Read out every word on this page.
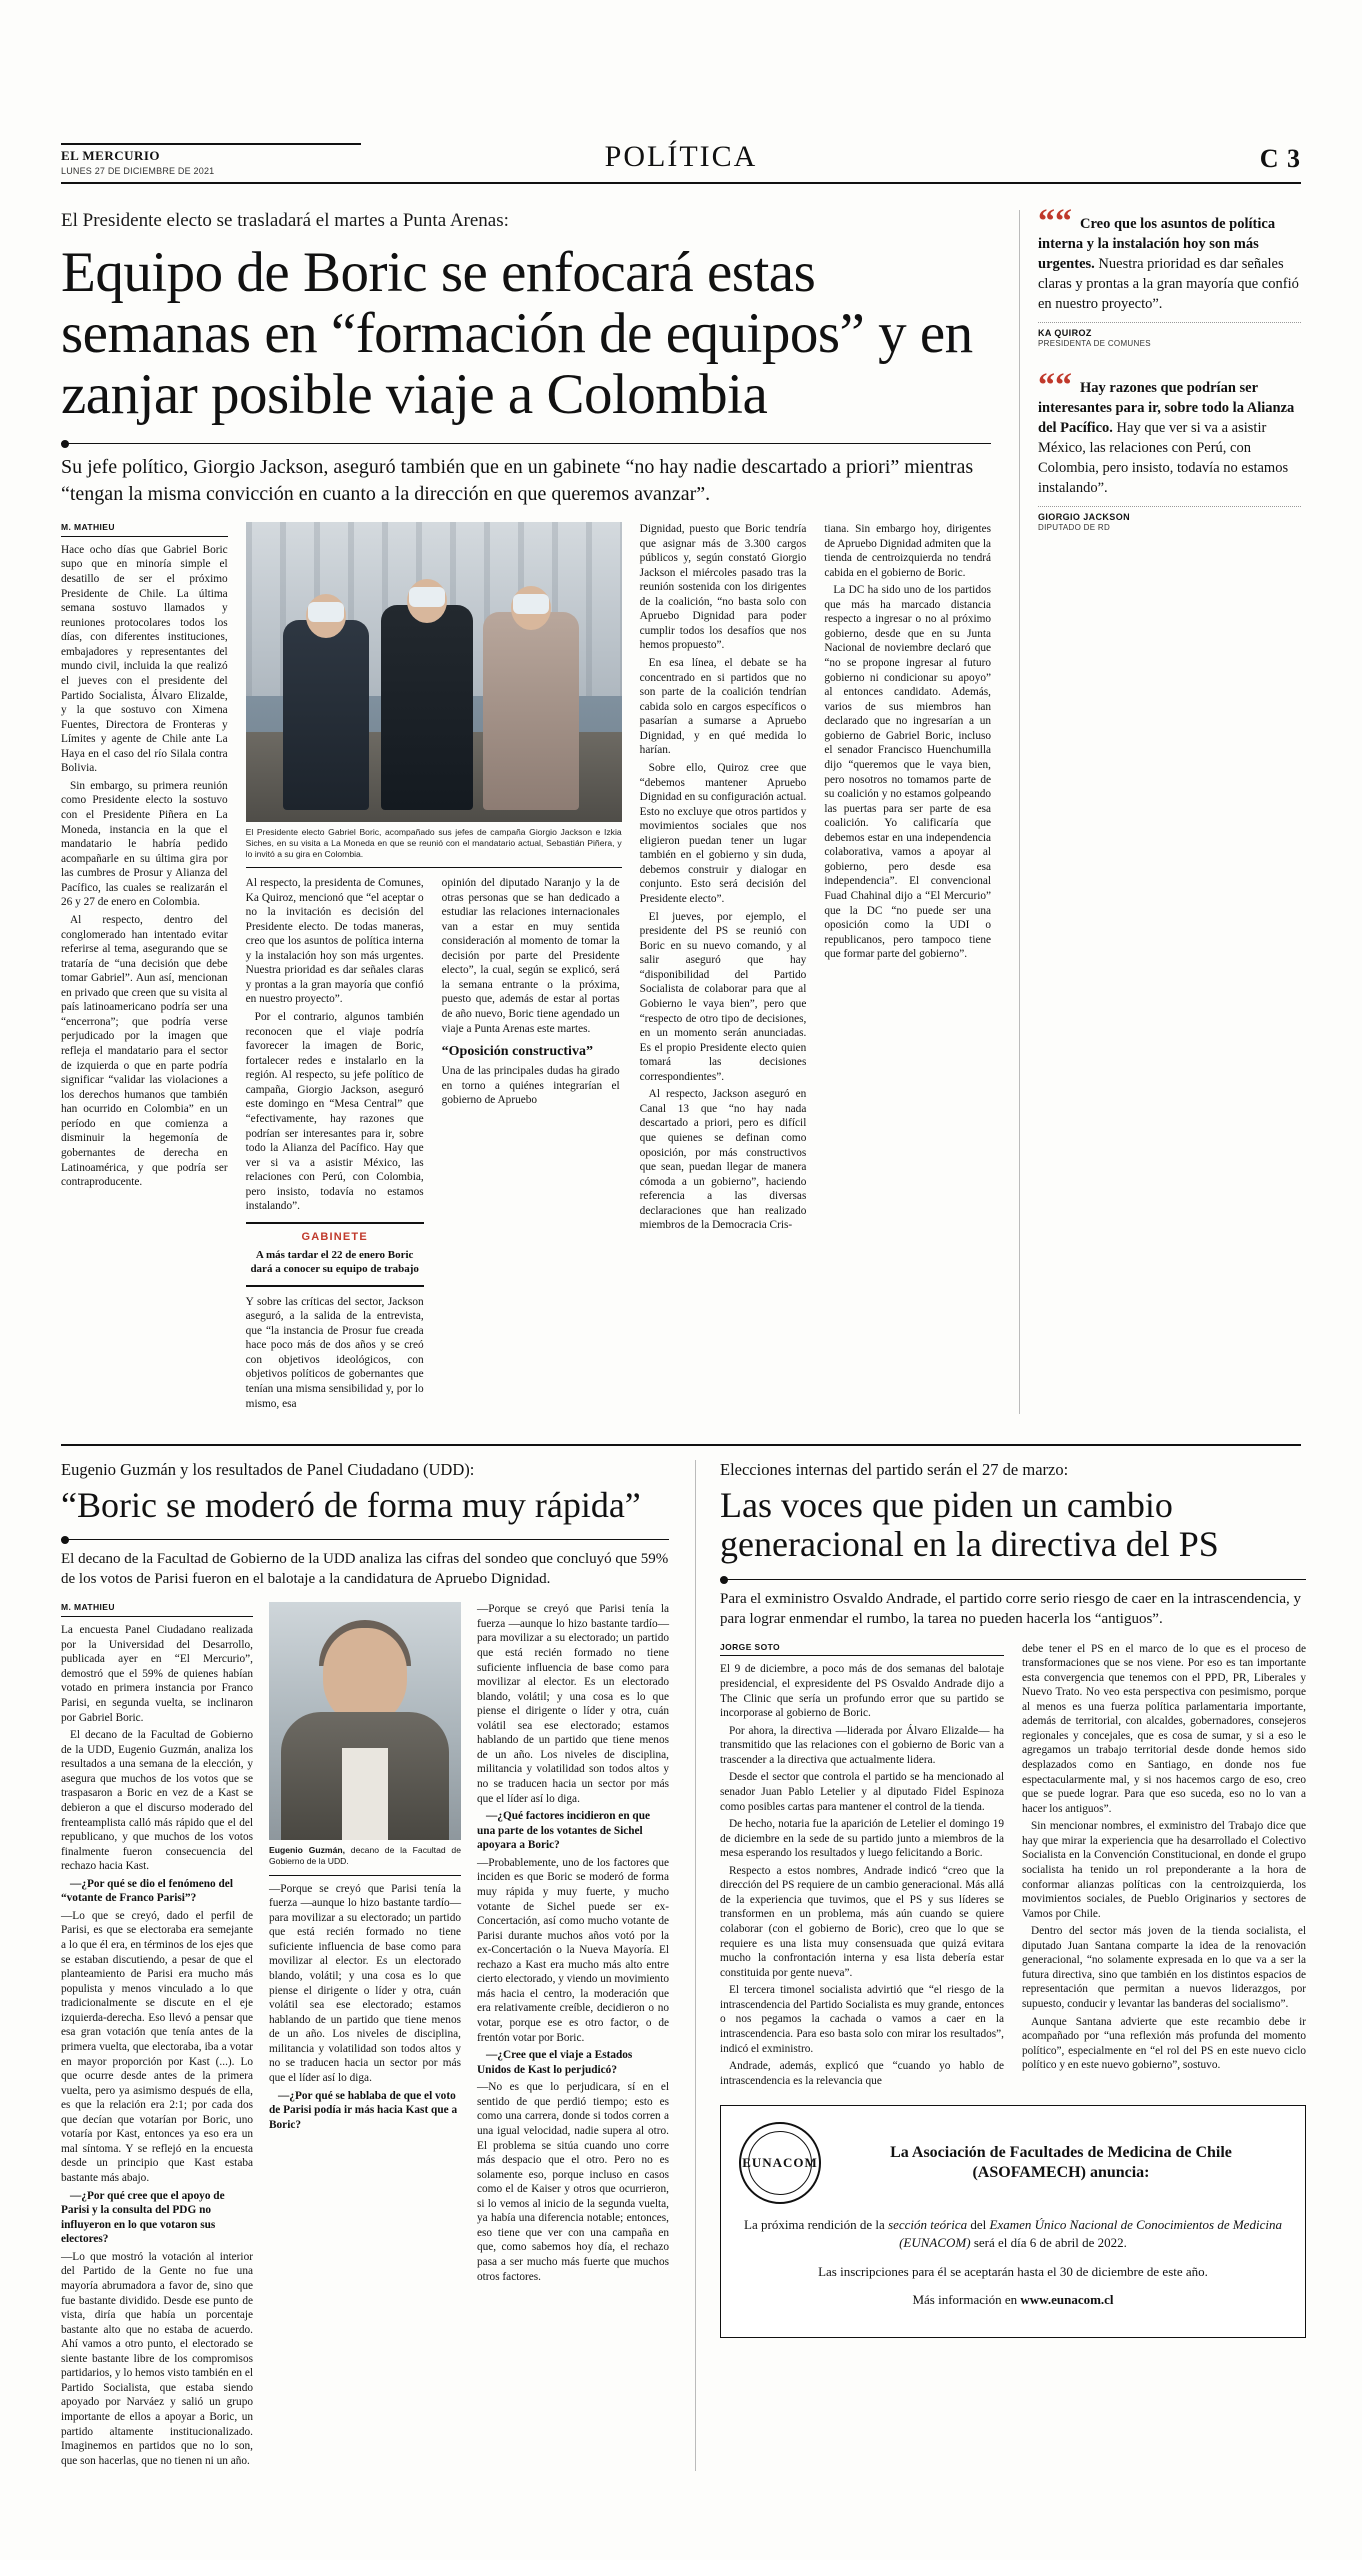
EL MERCURIO
LUNES 27 DE DICIEMBRE DE 2021	POLÍTICA	C 3
El Presidente electo se trasladará el martes a Punta Arenas:
Equipo de Boric se enfocará estas semanas en “formación de equipos” y en zanjar posible viaje a Colombia

Su jefe político, Giorgio Jackson, aseguró también que en un gabinete “no hay nadie descartado a priori” mientras “tengan la misma convicción en cuanto a la dirección en que queremos avanzar”.

M. MATHIEU

Hace ocho días que Gabriel Boric supo que en minoría simple el desatillo de ser el próximo Presidente de Chile. La última semana sostuvo llamados y reuniones protocolares todos los días, con diferentes instituciones, embajadores y representantes del mundo civil, incluida la que realizó el jueves con el presidente del Partido Socialista, Álvaro Elizalde, y la que sostuvo con Ximena Fuentes, Directora de Fronteras y Límites y agente de Chile ante La Haya en el caso del río Silala contra Bolivia.

Sin embargo, su primera reunión como Presidente electo la sostuvo con el Presidente Piñera en La Moneda, instancia en la que el mandatario le habría pedido acompañarle en su última gira por las cumbres de Prosur y Alianza del Pacífico, las cuales se realizarán el 26 y 27 de enero en Colombia.

Al respecto, dentro del conglomerado han intentado evitar referirse al tema, asegurando que se trataría de “una decisión que debe tomar Gabriel”. Aun así, mencionan en privado que creen que su visita al país latinoamericano podría ser una “encerrona”; que podría verse perjudicado por la imagen que refleja el mandatario para el sector de izquierda o que en parte podría significar “validar las violaciones a los derechos humanos que también han ocurrido en Colombia” en un período en que comienza a disminuir la hegemonía de gobernantes de derecha en Latinoamérica, y que podría ser contraproducente.

El Presidente electo Gabriel Boric, acompañado sus jefes de campaña Giorgio Jackson e Izkia Siches, en su visita a La Moneda en que se reunió con el mandatario actual, Sebastián Piñera, y lo invitó a su gira en Colombia.

Al respecto, la presidenta de Comunes, Ka Quiroz, mencionó que “el aceptar o no la invitación es decisión del Presidente electo. De todas maneras, creo que los asuntos de política interna y la instalación hoy son más urgentes. Nuestra prioridad es dar señales claras y prontas a la gran mayoría que confió en nuestro proyecto”.

Por el contrario, algunos también reconocen que el viaje podría favorecer la imagen de Boric, fortalecer redes e instalarlo en la región. Al respecto, su jefe político de campaña, Giorgio Jackson, aseguró este domingo en “Mesa Central” que “efectivamente, hay razones que podrían ser interesantes para ir, sobre todo la Alianza del Pacífico. Hay que ver si va a asistir México, las relaciones con Perú, con Colombia, pero insisto, todavía no estamos instalando”.

GABINETE
A más tardar el 22 de enero Boric dará a conocer su equipo de trabajo

Y sobre las críticas del sector, Jackson aseguró, a la salida de la entrevista, que “la instancia de Prosur fue creada hace poco más de dos años y se creó con objetivos ideológicos, con objetivos políticos de gobernantes que tenían una misma sensibilidad y, por lo mismo, esa

opinión del diputado Naranjo y la de otras personas que se han dedicado a estudiar las relaciones internacionales van a estar en muy sentida consideración al momento de tomar la decisión por parte del Presidente electo”, la cual, según se explicó, será la semana entrante o la próxima, puesto que, además de estar al portas de año nuevo, Boric tiene agendado un viaje a Punta Arenas este martes.

“Oposición constructiva”

Una de las principales dudas ha girado en torno a quiénes integrarían el gobierno de Apruebo

Dignidad, puesto que Boric tendría que asignar más de 3.300 cargos públicos y, según constató Giorgio Jackson el miércoles pasado tras la reunión sostenida con los dirigentes de la coalición, “no basta solo con Apruebo Dignidad para poder cumplir todos los desafíos que nos hemos propuesto”.

En esa línea, el debate se ha concentrado en si partidos que no son parte de la coalición tendrían cabida solo en cargos específicos o pasarían a sumarse a Apruebo Dignidad, y en qué medida lo harían.

Sobre ello, Quiroz cree que “debemos mantener Apruebo Dignidad en su configuración actual. Esto no excluye que otros partidos y movimientos sociales que nos eligieron puedan tener un lugar también en el gobierno y sin duda, debemos construir y dialogar en conjunto. Esto será decisión del Presidente electo”.

El jueves, por ejemplo, el presidente del PS se reunió con Boric en su nuevo comando, y al salir aseguró que hay “disponibilidad del Partido Socialista de colaborar para que al Gobierno le vaya bien”, pero que “respecto de otro tipo de decisiones, en un momento serán anunciadas. Es el propio Presidente electo quien tomará las decisiones correspondientes”.

Al respecto, Jackson aseguró en Canal 13 que “no hay nada descartado a priori, pero es difícil que quienes se definan como oposición, por más constructivos que sean, puedan llegar de manera cómoda a un gobierno”, haciendo referencia a las diversas declaraciones que han realizado miembros de la Democracia Cris-

tiana. Sin embargo hoy, dirigentes de Apruebo Dignidad admiten que la tienda de centroizquierda no tendrá cabida en el gobierno de Boric.

La DC ha sido uno de los partidos que más ha marcado distancia respecto a ingresar o no al próximo gobierno, desde que en su Junta Nacional de noviembre declaró que “no se propone ingresar al futuro gobierno ni condicionar su apoyo” al entonces candidato. Además, varios de sus miembros han declarado que no ingresarían a un gobierno de Gabriel Boric, incluso el senador Francisco Huenchumilla dijo “queremos que le vaya bien, pero nosotros no tomamos parte de su coalición y no estamos golpeando las puertas para ser parte de esa coalición. Yo calificaría que debemos estar en una independencia colaborativa, vamos a apoyar al gobierno, pero desde esa independencia”. El convencional Fuad Chahinal dijo a “El Mercurio” que la DC “no puede ser una oposición como la UDI o republicanos, pero tampoco tiene que formar parte del gobierno”.

““ Creo que los asuntos de política interna y la instalación hoy son más urgentes. Nuestra prioridad es dar señales claras y prontas a la gran mayoría que confió en nuestro proyecto”.
KA QUIROZ
PRESIDENTA DE COMUNES
““ Hay razones que podrían ser interesantes para ir, sobre todo la Alianza del Pacífico. Hay que ver si va a asistir México, las relaciones con Perú, con Colombia, pero insisto, todavía no estamos instalando”.
GIORGIO JACKSON
DIPUTADO DE RD
Eugenio Guzmán y los resultados de Panel Ciudadano (UDD):
“Boric se moderó de forma muy rápida”

El decano de la Facultad de Gobierno de la UDD analiza las cifras del sondeo que concluyó que 59% de los votos de Parisi fueron en el balotaje a la candidatura de Apruebo Dignidad.

M. MATHIEU

La encuesta Panel Ciudadano realizada por la Universidad del Desarrollo, publicada ayer en “El Mercurio”, demostró que el 59% de quienes habían votado en primera instancia por Franco Parisi, en segunda vuelta, se inclinaron por Gabriel Boric.

El decano de la Facultad de Gobierno de la UDD, Eugenio Guzmán, analiza los resultados a una semana de la elección, y asegura que muchos de los votos que se traspasaron a Boric en vez de a Kast se debieron a que el discurso moderado del frenteamplista calló más rápido que el del republicano, y que muchos de los votos finalmente fueron consecuencia del rechazo hacia Kast.

—¿Por qué se dio el fenómeno del “votante de Franco Parisi”?

—Lo que se creyó, dado el perfil de Parisi, es que se electoraba era semejante a lo que él era, en términos de los ejes que se estaban discutiendo, a pesar de que el planteamiento de Parisi era mucho más populista y menos vinculado a lo que tradicionalmente se discute en el eje izquierda-derecha. Eso llevó a pensar que esa gran votación que tenía antes de la primera vuelta, que electoraba, iba a votar en mayor proporción por Kast (...). Lo que ocurre desde antes de la primera vuelta, pero ya asimismo después de ella, es que la relación era 2:1; por cada dos que decían que votarían por Boric, uno votaría por Kast, entonces ya eso era un mal síntoma. Y se reflejó en la encuesta desde un principio que Kast estaba bastante más abajo.

—¿Por qué cree que el apoyo de Parisi y la consulta del PDG no influyeron en lo que votaron sus electores?

—Lo que mostró la votación al interior del Partido de la Gente no fue una mayoría abrumadora a favor de, sino que fue bastante dividido. Desde ese punto de vista, diría que había un porcentaje bastante alto que no estaba de acuerdo. Ahí vamos a otro punto, el electorado se siente bastante libre de los compromisos partidarios, y lo hemos visto también en el Partido Socialista, que estaba siendo apoyado por Narváez y salió un grupo importante de ellos a apoyar a Boric, un partido altamente institucionalizado. Imaginemos en partidos que no lo son, que son hacerlas, que no tienen ni un año.

Eugenio Guzmán, decano de la Facultad de Gobierno de la UDD.

—Porque se creyó que Parisi tenía la fuerza —aunque lo hizo bastante tardío— para movilizar a su electorado; un partido que está recién formado no tiene suficiente influencia de base como para movilizar al elector. Es un electorado blando, volátil; y una cosa es lo que piense el dirigente o líder y otra, cuán volátil sea ese electorado; estamos hablando de un partido que tiene menos de un año. Los niveles de disciplina, militancia y volatilidad son todos altos y no se traducen hacia un sector por más que el líder así lo diga.

—¿Por qué se hablaba de que el voto de Parisi podía ir más hacia Kast que a Boric?

—Porque se creyó que Parisi tenía la fuerza —aunque lo hizo bastante tardío— para movilizar a su electorado; un partido que está recién formado no tiene suficiente influencia de base como para movilizar al elector. Es un electorado blando, volátil; y una cosa es lo que piense el dirigente o líder y otra, cuán volátil sea ese electorado; estamos hablando de un partido que tiene menos de un año. Los niveles de disciplina, militancia y volatilidad son todos altos y no se traducen hacia un sector por más que el líder así lo diga.

—¿Qué factores incidieron en que una parte de los votantes de Sichel apoyara a Boric?

—Probablemente, uno de los factores que inciden es que Boric se moderó de forma muy rápida y muy fuerte, y mucho votante de Sichel puede ser ex-Concertación, así como mucho votante de Parisi durante muchos años votó por la ex-Concertación o la Nueva Mayoría. El rechazo a Kast era mucho más alto entre cierto electorado, y viendo un movimiento más hacia el centro, la moderación que era relativamente creíble, decidieron o no votar, porque ese es otro factor, o de frentón votar por Boric.

—¿Cree que el viaje a Estados Unidos de Kast lo perjudicó?

—No es que lo perjudicara, sí en el sentido de que perdió tiempo; esto es como una carrera, donde si todos corren a una igual velocidad, nadie supera al otro. El problema se sitúa cuando uno corre más despacio que el otro. Pero no es solamente eso, porque incluso en casos como el de Kaiser y otros que ocurrieron, si lo vemos al inicio de la segunda vuelta, ya había una diferencia notable; entonces, eso tiene que ver con una campaña en que, como sabemos hoy día, el rechazo pasa a ser mucho más fuerte que muchos otros factores.

Elecciones internas del partido serán el 27 de marzo:
Las voces que piden un cambio generacional en la directiva del PS

Para el exministro Osvaldo Andrade, el partido corre serio riesgo de caer en la intrascendencia, y para lograr enmendar el rumbo, la tarea no pueden hacerla los “antiguos”.

JORGE SOTO

El 9 de diciembre, a poco más de dos semanas del balotaje presidencial, el expresidente del PS Osvaldo Andrade dijo a The Clinic que sería un profundo error que su partido se incorporase al gobierno de Boric.

Por ahora, la directiva —liderada por Álvaro Elizalde— ha transmitido que las relaciones con el gobierno de Boric van a trascender a la directiva que actualmente lidera.

Desde el sector que controla el partido se ha mencionado al senador Juan Pablo Letelier y al diputado Fidel Espinoza como posibles cartas para mantener el control de la tienda.

De hecho, notaria fue la aparición de Letelier el domingo 19 de diciembre en la sede de su partido junto a miembros de la mesa esperando los resultados y luego felicitando a Boric.

Respecto a estos nombres, Andrade indicó “creo que la dirección del PS requiere de un cambio generacional. Más allá de la experiencia que tuvimos, que el PS y sus líderes se transformen en un problema, más aún cuando se quiere colaborar (con el gobierno de Boric), creo que lo que se requiere es una lista muy consensuada que quizá evitara mucho la confrontación interna y esa lista debería estar constituida por gente nueva”.

El tercera timonel socialista advirtió que “el riesgo de la intrascendencia del Partido Socialista es muy grande, entonces o nos pegamos la cachada o vamos a caer en la intrascendencia. Para eso basta solo con mirar los resultados”, indicó el exministro.

Andrade, además, explicó que “cuando yo hablo de intrascendencia es la relevancia que

debe tener el PS en el marco de lo que es el proceso de transformaciones que se nos viene. Por eso es tan importante esta convergencia que tenemos con el PPD, PR, Liberales y Nuevo Trato. No veo esta perspectiva con pesimismo, porque al menos es una fuerza política parlamentaria importante, además de territorial, con alcaldes, gobernadores, consejeros regionales y concejales, que es cosa de sumar, y si a eso le agregamos un trabajo territorial desde donde hemos sido desplazados como en Santiago, en donde nos fue espectacularmente mal, y si nos hacemos cargo de eso, creo que se puede lograr. Para que eso suceda, eso no lo van a hacer los antiguos”.

Sin mencionar nombres, el exministro del Trabajo dice que hay que mirar la experiencia que ha desarrollado el Colectivo Socialista en la Convención Constitucional, en donde el grupo socialista ha tenido un rol preponderante a la hora de conformar alianzas políticas con la centroizquierda, los movimientos sociales, de Pueblo Originarios y sectores de Vamos por Chile.

Dentro del sector más joven de la tienda socialista, el diputado Juan Santana comparte la idea de la renovación generacional, “no solamente expresada en lo que va a ser la futura directiva, sino que también en los distintos espacios de representación que permitan a nuevos liderazgos, por supuesto, conducir y levantar las banderas del socialismo”.

Aunque Santana advierte que este recambio debe ir acompañado por “una reflexión más profunda del momento político”, especialmente en “el rol del PS en este nuevo ciclo político y en este nuevo gobierno”, sostuvo.

EUNACOM
La Asociación de Facultades de Medicina de Chile (ASOFAMECH) anuncia:

La próxima rendición de la sección teórica del Examen Único Nacional de Conocimientos de Medicina (EUNACOM) será el día 6 de abril de 2022.

Las inscripciones para él se aceptarán hasta el 30 de diciembre de este año.

Más información en www.eunacom.cl
